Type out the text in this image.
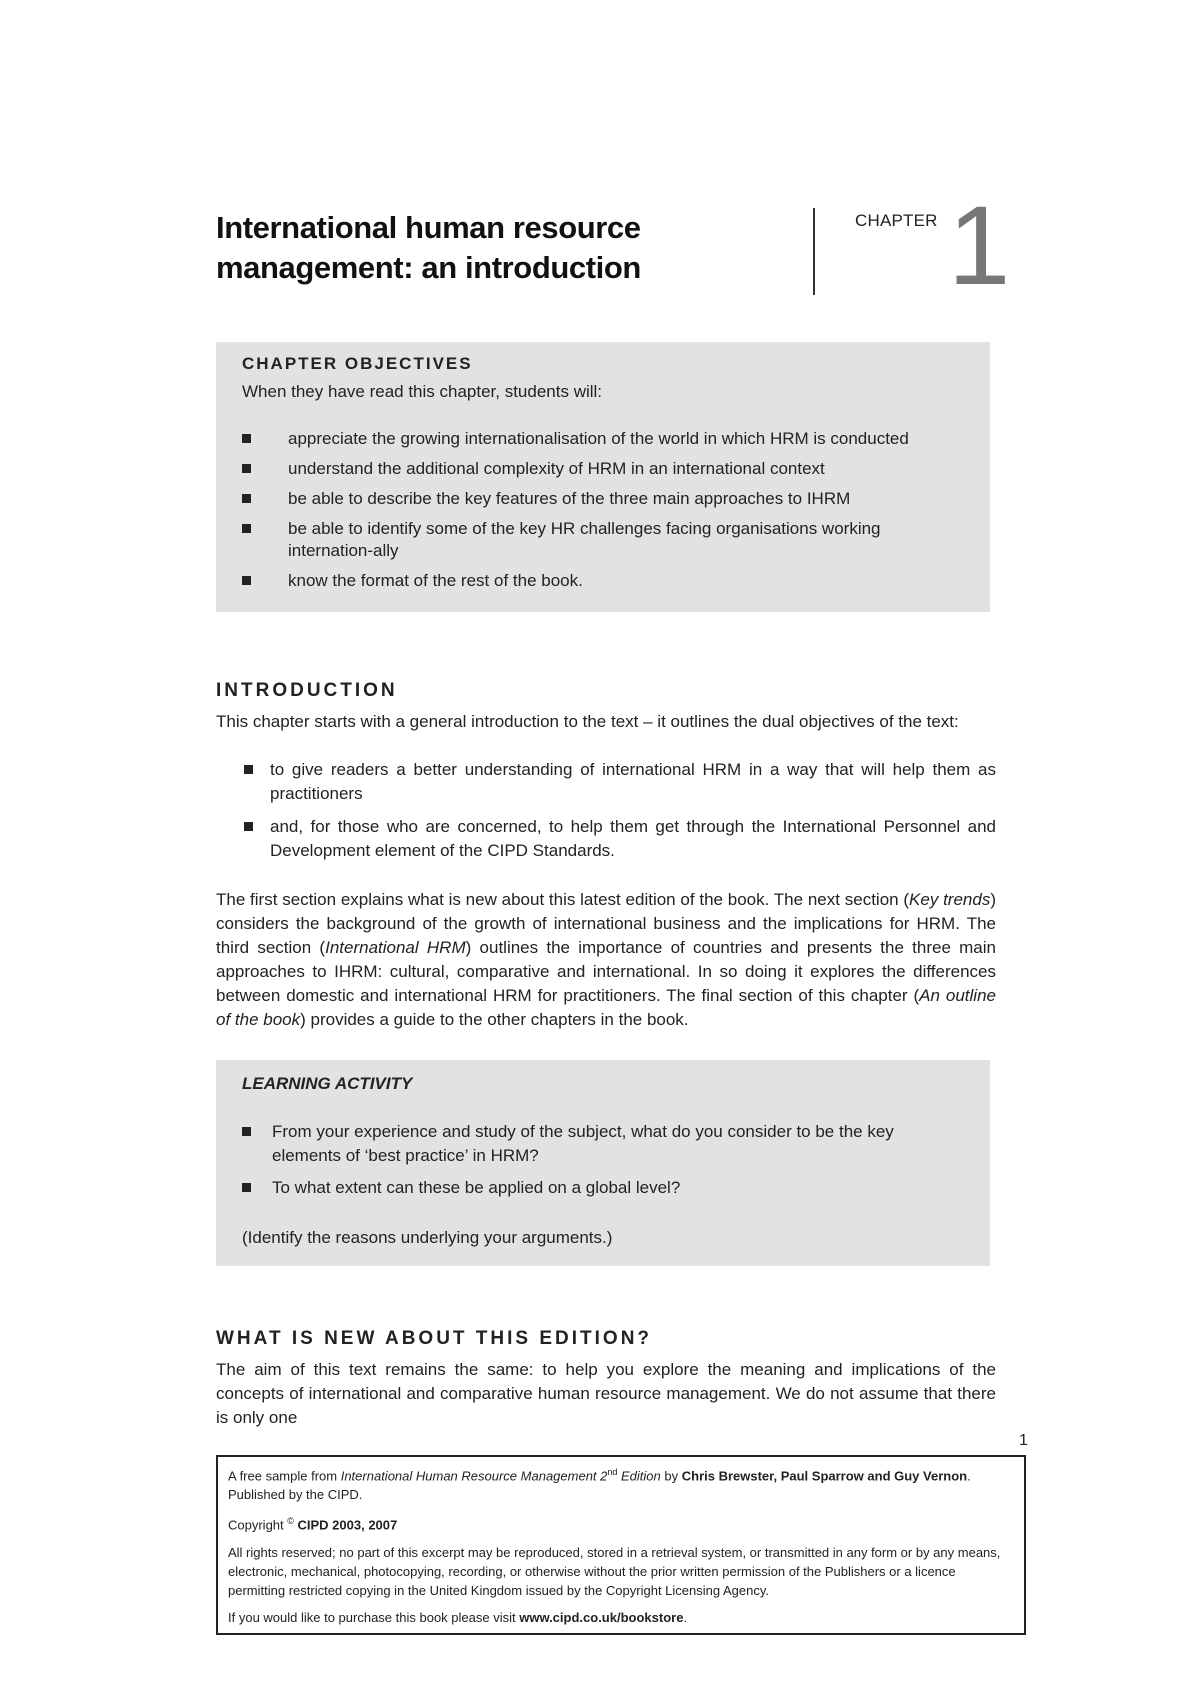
International human resource
management: an introduction
CHAPTER 1
CHAPTER OBJECTIVES
When they have read this chapter, students will:
appreciate the growing internationalisation of the world in which HRM is conducted
understand the additional complexity of HRM in an international context
be able to describe the key features of the three main approaches to IHRM
be able to identify some of the key HR challenges facing organisations working internation-ally
know the format of the rest of the book.
INTRODUCTION
This chapter starts with a general introduction to the text – it outlines the dual objectives of the text:
to give readers a better understanding of international HRM in a way that will help them as practitioners
and, for those who are concerned, to help them get through the International Personnel and Development element of the CIPD Standards.
The first section explains what is new about this latest edition of the book. The next section (Key trends) considers the background of the growth of international business and the implications for HRM. The third section (International HRM) outlines the importance of countries and presents the three main approaches to IHRM: cultural, comparative and international. In so doing it explores the differences between domestic and international HRM for practitioners. The final section of this chapter (An outline of the book) provides a guide to the other chapters in the book.
LEARNING ACTIVITY
From your experience and study of the subject, what do you consider to be the key elements of ‘best practice’ in HRM?
To what extent can these be applied on a global level?
(Identify the reasons underlying your arguments.)
WHAT IS NEW ABOUT THIS EDITION?
The aim of this text remains the same: to help you explore the meaning and implications of the concepts of international and comparative human resource management. We do not assume that there is only one
1

A free sample from International Human Resource Management 2nd Edition by Chris Brewster, Paul Sparrow and Guy Vernon.
Published by the CIPD.

Copyright © CIPD 2003, 2007

All rights reserved; no part of this excerpt may be reproduced, stored in a retrieval system, or transmitted in any form or by any means, electronic, mechanical, photocopying, recording, or otherwise without the prior written permission of the Publishers or a licence permitting restricted copying in the United Kingdom issued by the Copyright Licensing Agency.

If you would like to purchase this book please visit www.cipd.co.uk/bookstore.
